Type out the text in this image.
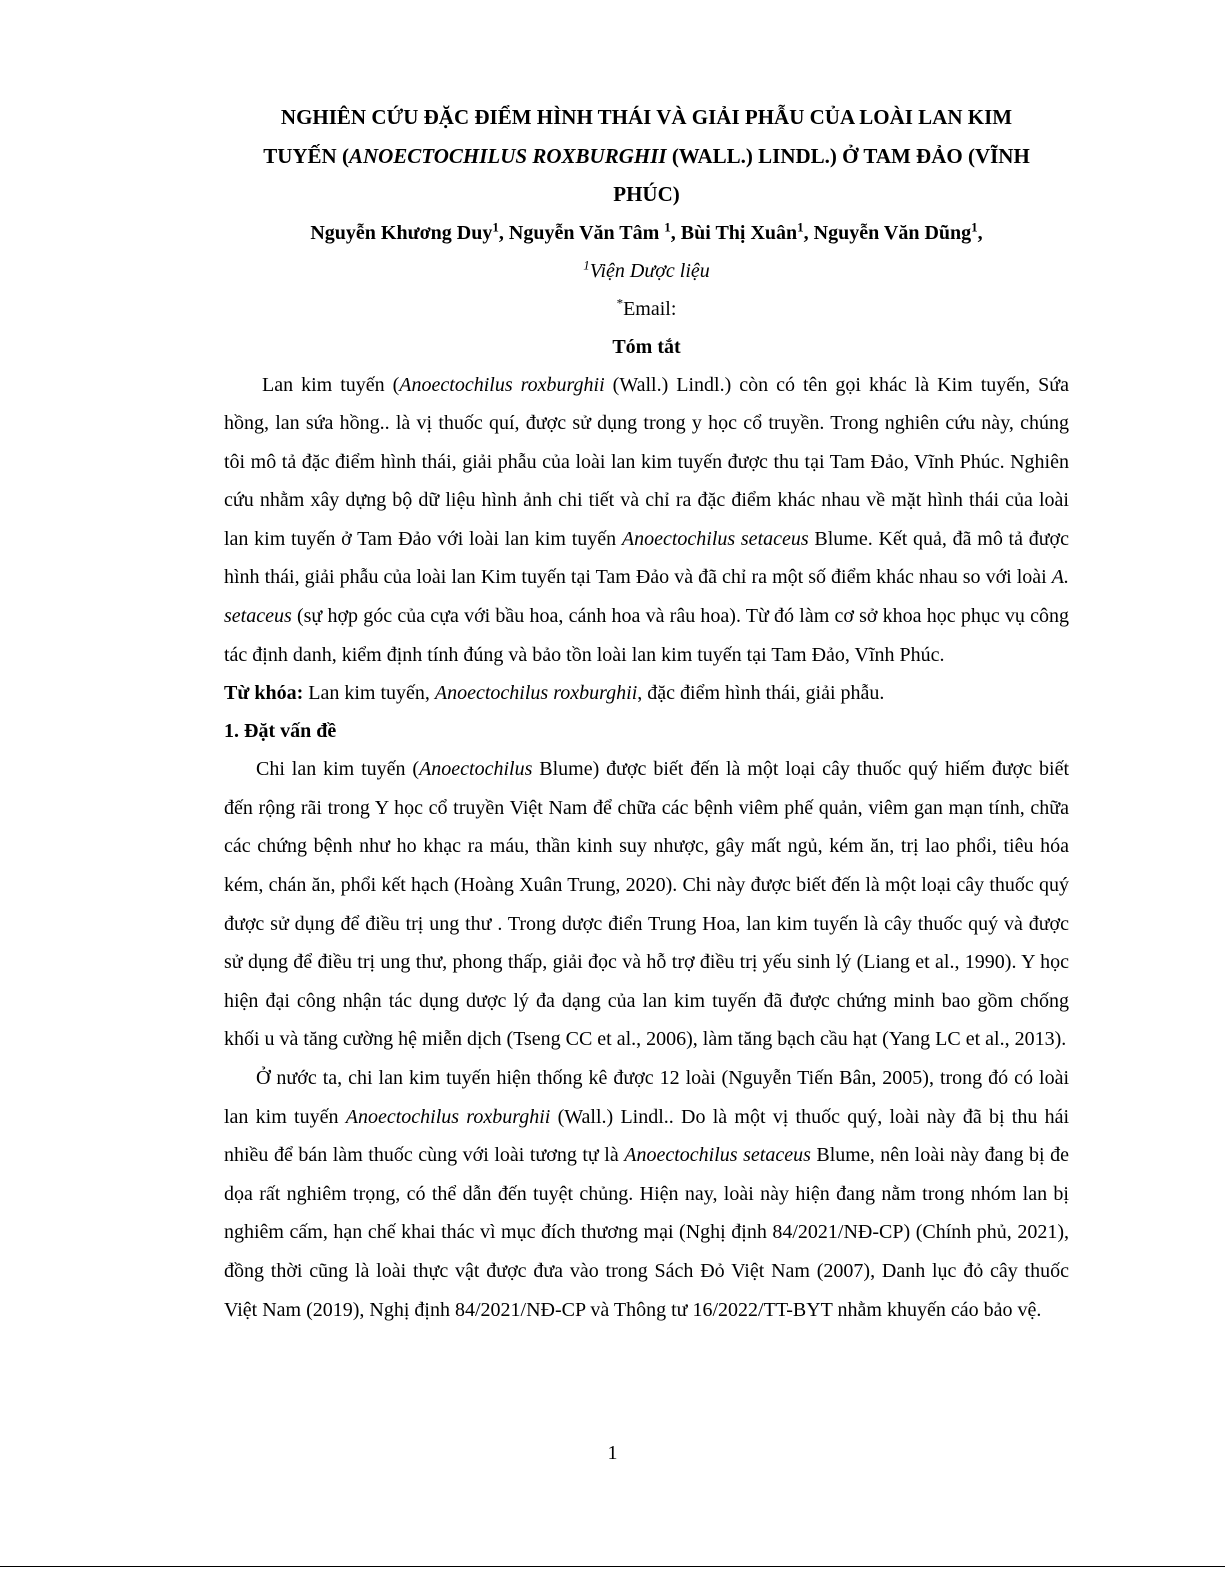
NGHIÊN CỨU ĐẶC ĐIỂM HÌNH THÁI VÀ GIẢI PHẪU CỦA LOÀI LAN KIM
TUYẾN (ANOECTOCHILUS ROXBURGHII (WALL.) LINDL.) Ở TAM ĐẢO (VĨNH
PHÚC)

Nguyễn Khương Duy$^1$, Nguyễn Văn Tâm $^1$, Bùi Thị Xuân$^1$, Nguyễn Văn Dũng$^1$,

$^1$Viện Dược liệu

*Email:

Tóm tắt

Lan kim tuyến (Anoectochilus roxburghii (Wall.) Lindl.) còn có tên gọi khác là Kim tuyến, Sứa hồng, lan sứa hồng.. là vị thuốc quí, được sử dụng trong y học cổ truyền. Trong nghiên cứu này, chúng tôi mô tả đặc điểm hình thái, giải phẫu của loài lan kim tuyến được thu tại Tam Đảo, Vĩnh Phúc. Nghiên cứu nhằm xây dựng bộ dữ liệu hình ảnh chi tiết và chỉ ra đặc điểm khác nhau về mặt hình thái của loài lan kim tuyến ở Tam Đảo với loài lan kim tuyến Anoectochilus setaceus Blume. Kết quả, đã mô tả được hình thái, giải phẫu của loài lan Kim tuyến tại Tam Đảo và đã chỉ ra một số điểm khác nhau so với loài A. setaceus (sự hợp góc của cựa với bầu hoa, cánh hoa và râu hoa). Từ đó làm cơ sở khoa học phục vụ công tác định danh, kiểm định tính đúng và bảo tồn loài lan kim tuyến tại Tam Đảo, Vĩnh Phúc.

Từ khóa: Lan kim tuyến, Anoectochilus roxburghii, đặc điểm hình thái, giải phẫu.

1. Đặt vấn đề

Chi lan kim tuyến (Anoectochilus Blume) được biết đến là một loại cây thuốc quý hiếm được biết đến rộng rãi trong Y học cổ truyền Việt Nam để chữa các bệnh viêm phế quản, viêm gan mạn tính, chữa các chứng bệnh như ho khạc ra máu, thần kinh suy nhược, gây mất ngủ, kém ăn, trị lao phổi, tiêu hóa kém, chán ăn, phổi kết hạch (Hoàng Xuân Trung, 2020). Chi này được biết đến là một loại cây thuốc quý được sử dụng để điều trị ung thư . Trong dược điển Trung Hoa, lan kim tuyến là cây thuốc quý và được sử dụng để điều trị ung thư, phong thấp, giải đọc và hỗ trợ điều trị yếu sinh lý (Liang et al., 1990). Y học hiện đại công nhận tác dụng dược lý đa dạng của lan kim tuyến đã được chứng minh bao gồm chống khối u và tăng cường hệ miễn dịch (Tseng CC et al., 2006), làm tăng bạch cầu hạt (Yang LC et al., 2013).

Ở nước ta, chi lan kim tuyến hiện thống kê được 12 loài (Nguyễn Tiến Bân, 2005), trong đó có loài lan kim tuyến Anoectochilus roxburghii (Wall.) Lindl.. Do là một vị thuốc quý, loài này đã bị thu hái nhiều để bán làm thuốc cùng với loài tương tự là Anoectochilus setaceus Blume, nên loài này đang bị đe dọa rất nghiêm trọng, có thể dẫn đến tuyệt chủng. Hiện nay, loài này hiện đang nằm trong nhóm lan bị nghiêm cấm, hạn chế khai thác vì mục đích thương mại (Nghị định 84/2021/NĐ-CP) (Chính phủ, 2021), đồng thời cũng là loài thực vật được đưa vào trong Sách Đỏ Việt Nam (2007), Danh lục đỏ cây thuốc Việt Nam (2019), Nghị định 84/2021/NĐ-CP và Thông tư 16/2022/TT-BYT nhằm khuyến cáo bảo vệ.

1
